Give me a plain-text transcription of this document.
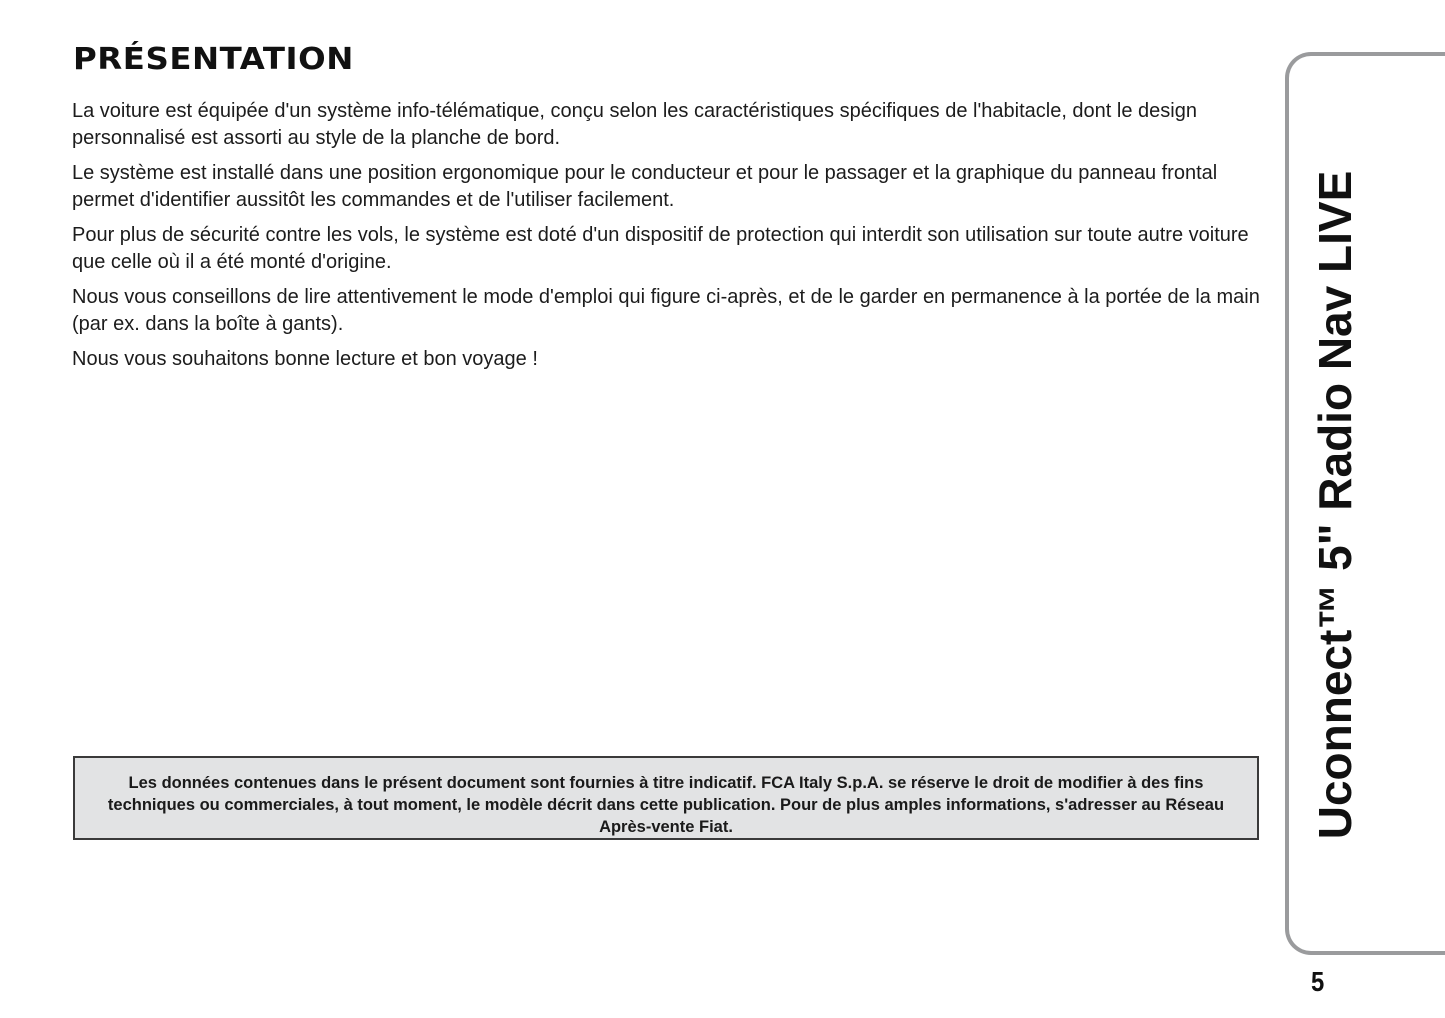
PRÉSENTATION

La voiture est équipée d'un système info-télématique, conçu selon les caractéristiques spécifiques de l'habitacle, dont le design personnalisé est assorti au style de la planche de bord.

Le système est installé dans une position ergonomique pour le conducteur et pour le passager et la graphique du panneau frontal permet d'identifier aussitôt les commandes et de l'utiliser facilement.

Pour plus de sécurité contre les vols, le système est doté d'un dispositif de protection qui interdit son utilisation sur toute autre voiture que celle où il a été monté d'origine.

Nous vous conseillons de lire attentivement le mode d'emploi qui figure ci-après, et de le garder en permanence à la portée de la main (par ex. dans la boîte à gants).

Nous vous souhaitons bonne lecture et bon voyage !

Les données contenues dans le présent document sont fournies à titre indicatif. FCA Italy S.p.A. se réserve le droit de modifier à des fins techniques ou commerciales, à tout moment, le modèle décrit dans cette publication. Pour de plus amples informations, s'adresser au Réseau Après-vente Fiat.	Uconnect™ 5" Radio Nav LIVE
5
